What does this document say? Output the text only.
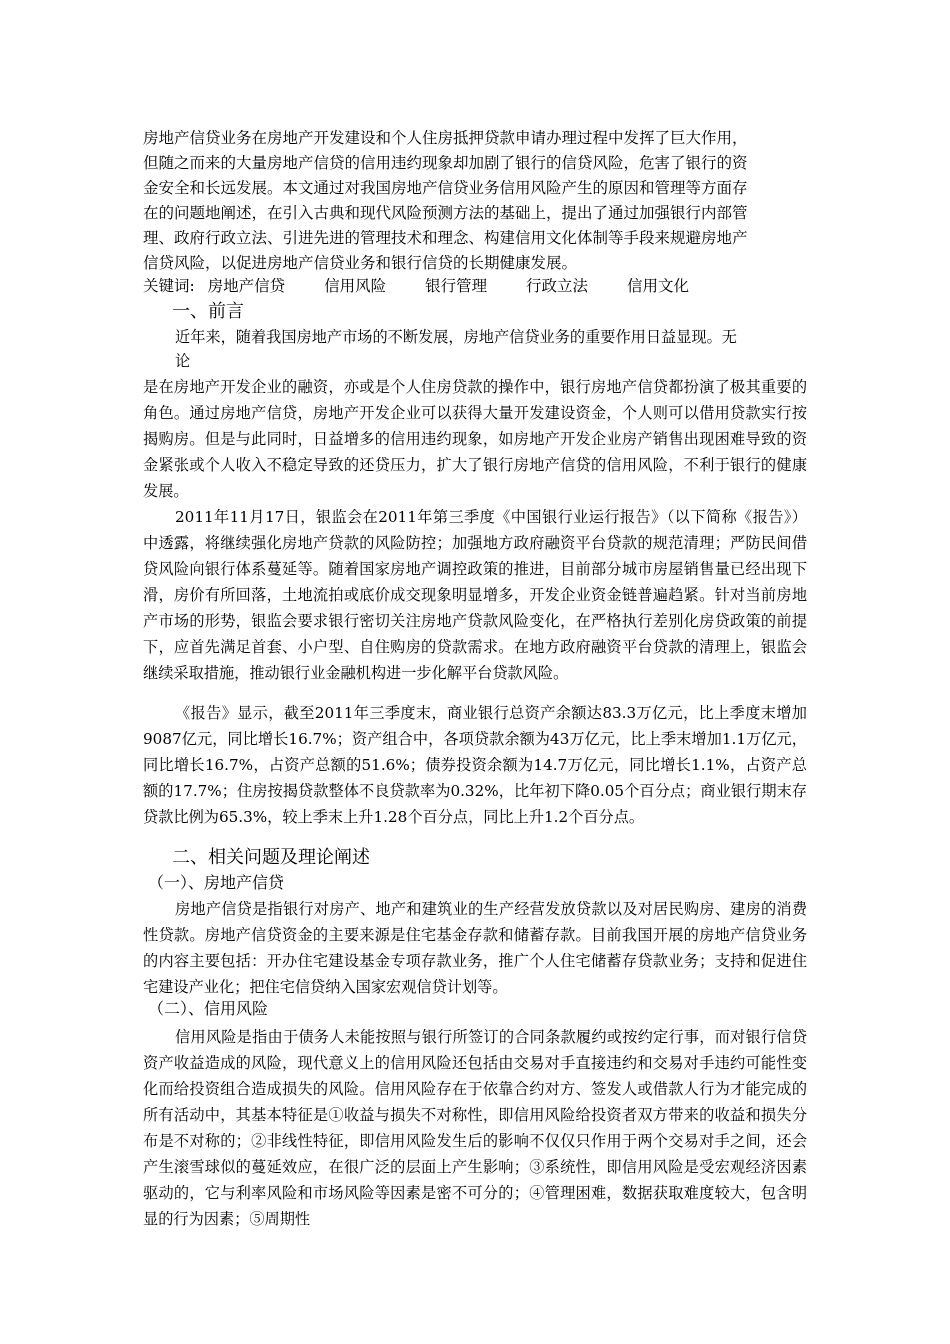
房地产信贷业务在房地产开发建设和个人住房抵押贷款申请办理过程中发挥了巨大作用，
但随之而来的大量房地产信贷的信用违约现象却加剧了银行的信贷风险，危害了银行的资
金安全和长远发展。本文通过对我国房地产信贷业务信用风险产生的原因和管理等方面存
在的问题地阐述，在引入古典和现代风险预测方法的基础上，提出了通过加强银行内部管
理、政府行政立法、引进先进的管理技术和理念、构建信用文化体制等手段来规避房地产
信贷风险，以促进房地产信贷业务和银行信贷的长期健康发展。
关键词: 房地产信贷	信用风险	银行管理	行政立法	信用文化
一、前言
近年来，随着我国房地产市场的不断发展，房地产信贷业务的重要作用日益显现。无
论
是在房地产开发企业的融资，亦或是个人住房贷款的操作中，银行房地产信贷都扮演了极其重要的角色。通过房地产信贷，房地产开发企业可以获得大量开发建设资金，个人则可以借用贷款实行按揭购房。但是与此同时，日益增多的信用违约现象，如房地产开发企业房产销售出现困难导致的资金紧张或个人收入不稳定导致的还贷压力，扩大了银行房地产信贷的信用风险，不利于银行的健康发展。
2011年11月17日，银监会在2011年第三季度《中国银行业运行报告》（以下简称《报告》）中透露，将继续强化房地产贷款的风险防控；加强地方政府融资平台贷款的规范清理；严防民间借贷风险向银行体系蔓延等。随着国家房地产调控政策的推进，目前部分城市房屋销售量已经出现下滑，房价有所回落，土地流拍或底价成交现象明显增多，开发企业资金链普遍趋紧。针对当前房地产市场的形势，银监会要求银行密切关注房地产贷款风险变化，在严格执行差别化房贷政策的前提下，应首先满足首套、小户型、自住购房的贷款需求。在地方政府融资平台贷款的清理上，银监会继续采取措施，推动银行业金融机构进一步化解平台贷款风险。
《报告》显示，截至2011年三季度末，商业银行总资产余额达83.3万亿元，比上季度末增加9087亿元，同比增长16.7%；资产组合中，各项贷款余额为43万亿元，比上季末增加1.1万亿元，同比增长16.7%，占资产总额的51.6%；债券投资余额为14.7万亿元，同比增长1.1%，占资产总额的17.7%；住房按揭贷款整体不良贷款率为0.32%，比年初下降0.05个百分点；商业银行期末存贷款比例为65.3%，较上季末上升1.28个百分点，同比上升1.2个百分点。
二、相关问题及理论阐述
（一）、房地产信贷
房地产信贷是指银行对房产、地产和建筑业的生产经营发放贷款以及对居民购房、建房的消费性贷款。房地产信贷资金的主要来源是住宅基金存款和储蓄存款。目前我国开展的房地产信贷业务的内容主要包括：开办住宅建设基金专项存款业务，推广个人住宅储蓄存贷款业务；支持和促进住宅建设产业化；把住宅信贷纳入国家宏观信贷计划等。
（二）、信用风险
信用风险是指由于债务人未能按照与银行所签订的合同条款履约或按约定行事，而对银行信贷资产收益造成的风险，现代意义上的信用风险还包括由交易对手直接违约和交易对手违约可能性变化而给投资组合造成损失的风险。信用风险存在于依靠合约对方、签发人或借款人行为才能完成的所有活动中，其基本特征是①收益与损失不对称性，即信用风险给投资者双方带来的收益和损失分布是不对称的；②非线性特征，即信用风险发生后的影响不仅仅只作用于两个交易对手之间，还会产生滚雪球似的蔓延效应，在很广泛的层面上产生影响；③系统性，即信用风险是受宏观经济因素驱动的，它与利率风险和市场风险等因素是密不可分的；④管理困难，数据获取难度较大，包含明显的行为因素；⑤周期性
